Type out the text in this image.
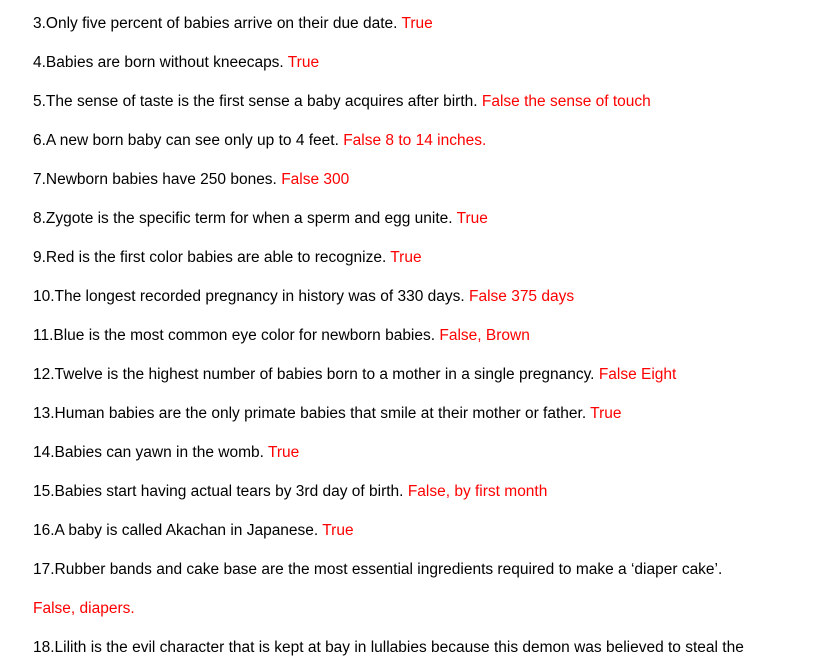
3.Only five percent of babies arrive on their due date. True
4.Babies are born without kneecaps. True
5.The sense of taste is the first sense a baby acquires after birth. False the sense of touch
6.A new born baby can see only up to 4 feet. False 8 to 14 inches.
7.Newborn babies have 250 bones. False 300
8.Zygote is the specific term for when a sperm and egg unite. True
9.Red is the first color babies are able to recognize. True
10.The longest recorded pregnancy in history was of 330 days. False 375 days
11.Blue is the most common eye color for newborn babies. False, Brown
12.Twelve is the highest number of babies born to a mother in a single pregnancy. False Eight
13.Human babies are the only primate babies that smile at their mother or father. True
14.Babies can yawn in the womb. True
15.Babies start having actual tears by 3rd day of birth. False, by first month
16.A baby is called Akachan in Japanese. True
17.Rubber bands and cake base are the most essential ingredients required to make a ‘diaper cake’.
False, diapers.
18.Lilith is the evil character that is kept at bay in lullabies because this demon was believed to steal the
